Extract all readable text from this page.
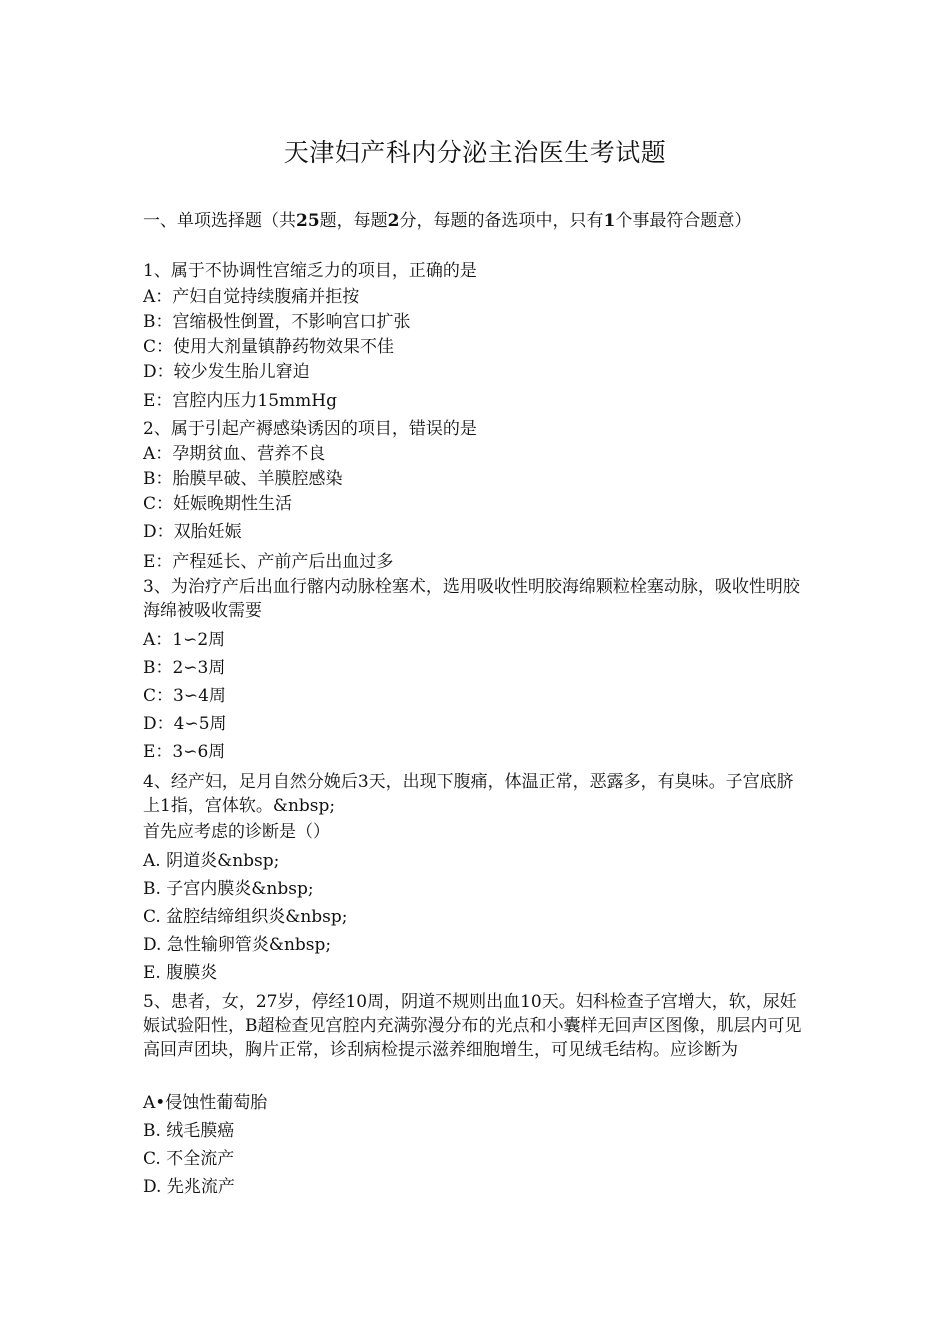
天津妇产科内分泌主治医生考试题
一、单项选择题（共25题，每题2分，每题的备选项中，只有1个事最符合题意）
1、属于不协调性宫缩乏力的项目，正确的是
A：产妇自觉持续腹痛并拒按
B：宫缩极性倒置，不影响宫口扩张
C：使用大剂量镇静药物效果不佳
D：较少发生胎儿窘迫
E：宫腔内压力15mmHg
2、属于引起产褥感染诱因的项目，错误的是
A：孕期贫血、营养不良
B：胎膜早破、羊膜腔感染
C：妊娠晚期性生活
D：双胎妊娠
E：产程延长、产前产后出血过多
3、为治疗产后出血行髂内动脉栓塞术，选用吸收性明胶海绵颗粒栓塞动脉，吸收性明胶海绵被吸收需要
A：1∽2周
B：2∽3周
C：3∽4周
D：4∽5周
E：3∽6周
4、经产妇，足月自然分娩后3天，出现下腹痛，体温正常，恶露多，有臭味。子宫底脐上1指，宫体软。&nbsp;
首先应考虑的诊断是（）
A. 阴道炎&nbsp;
B. 子宫内膜炎&nbsp;
C. 盆腔结缔组织炎&nbsp;
D. 急性输卵管炎&nbsp;
E. 腹膜炎
5、患者，女，27岁，停经10周，阴道不规则出血10天。妇科检查子宫增大，软，尿妊娠试验阳性，B超检查见宫腔内充满弥漫分布的光点和小囊样无回声区图像，肌层内可见高回声团块，胸片正常，诊刮病检提示滋养细胞增生，可见绒毛结构。应诊断为
A•侵蚀性葡萄胎
B. 绒毛膜癌
C. 不全流产
D. 先兆流产
